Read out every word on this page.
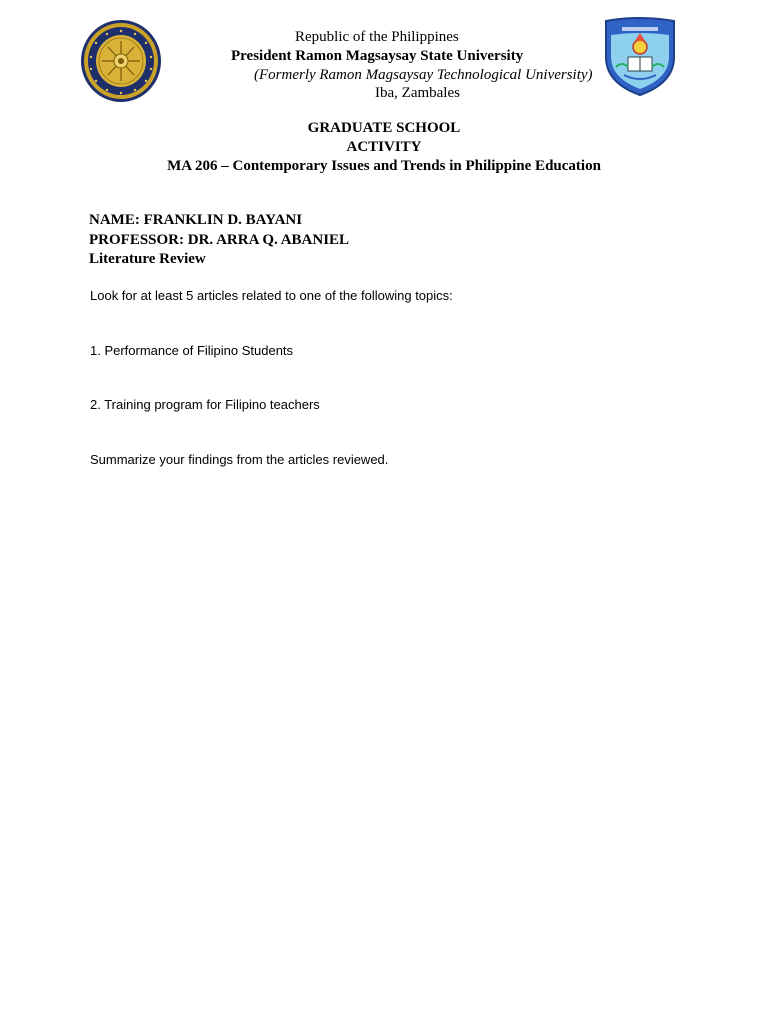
Republic of the Philippines
President Ramon Magsaysay State University
(Formerly Ramon Magsaysay Technological University)
Iba, Zambales
GRADUATE SCHOOL
ACTIVITY
MA 206 – Contemporary Issues and Trends in Philippine Education
NAME: FRANKLIN D. BAYANI
PROFESSOR: DR. ARRA Q. ABANIEL
Literature Review
Look for at least 5 articles related to one of the following topics:
1. Performance of Filipino Students
2. Training program for Filipino teachers
Summarize your findings from the articles reviewed.
